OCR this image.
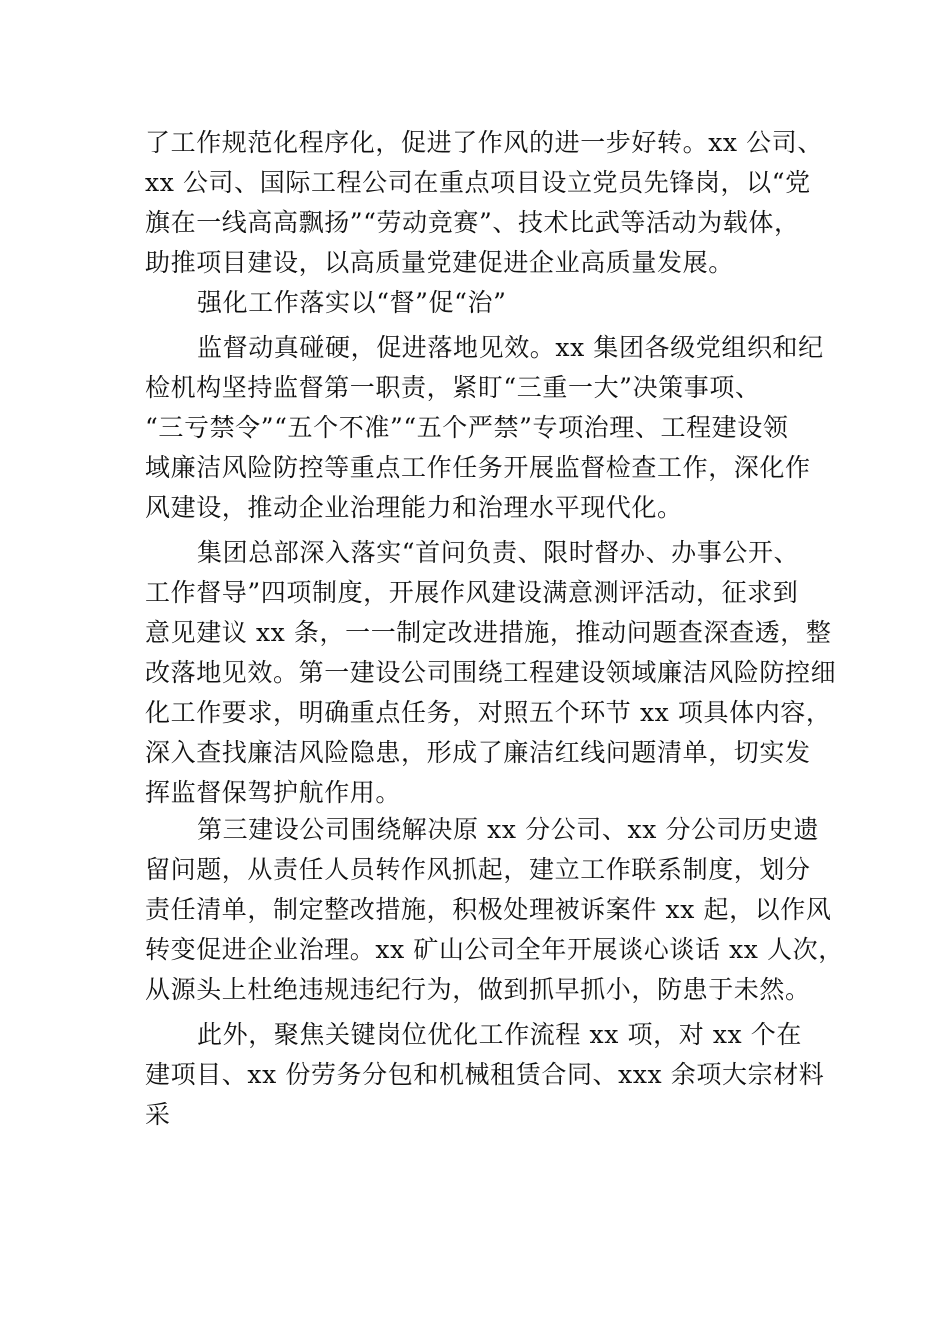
了工作规范化程序化，促进了作风的进一步好转。xx 公司、
xx 公司、国际工程公司在重点项目设立党员先锋岗，以“党
旗在一线高高飘扬”“劳动竞赛”、技术比武等活动为载体，
助推项目建设，以高质量党建促进企业高质量发展。
强化工作落实以“督”促“治”
监督动真碰硬，促进落地见效。xx 集团各级党组织和纪
检机构坚持监督第一职责，紧盯“三重一大”决策事项、
“三亏禁令”“五个不准”“五个严禁”专项治理、工程建设领
域廉洁风险防控等重点工作任务开展监督检查工作，深化作
风建设，推动企业治理能力和治理水平现代化。
集团总部深入落实“首问负责、限时督办、办事公开、
工作督导”四项制度，开展作风建设满意测评活动，征求到
意见建议 xx 条，一一制定改进措施，推动问题查深查透，整
改落地见效。第一建设公司围绕工程建设领域廉洁风险防控细
化工作要求，明确重点任务，对照五个环节 xx 项具体内容，
深入查找廉洁风险隐患，形成了廉洁红线问题清单，切实发
挥监督保驾护航作用。
第三建设公司围绕解决原 xx 分公司、xx 分公司历史遗
留问题，从责任人员转作风抓起，建立工作联系制度，划分
责任清单，制定整改措施，积极处理被诉案件 xx 起，以作风
转变促进企业治理。xx 矿山公司全年开展谈心谈话 xx 人次，
从源头上杜绝违规违纪行为，做到抓早抓小，防患于未然。
此外，聚焦关键岗位优化工作流程 xx 项，对 xx 个在
建项目、xx 份劳务分包和机械租赁合同、xxx 余项大宗材料
采
